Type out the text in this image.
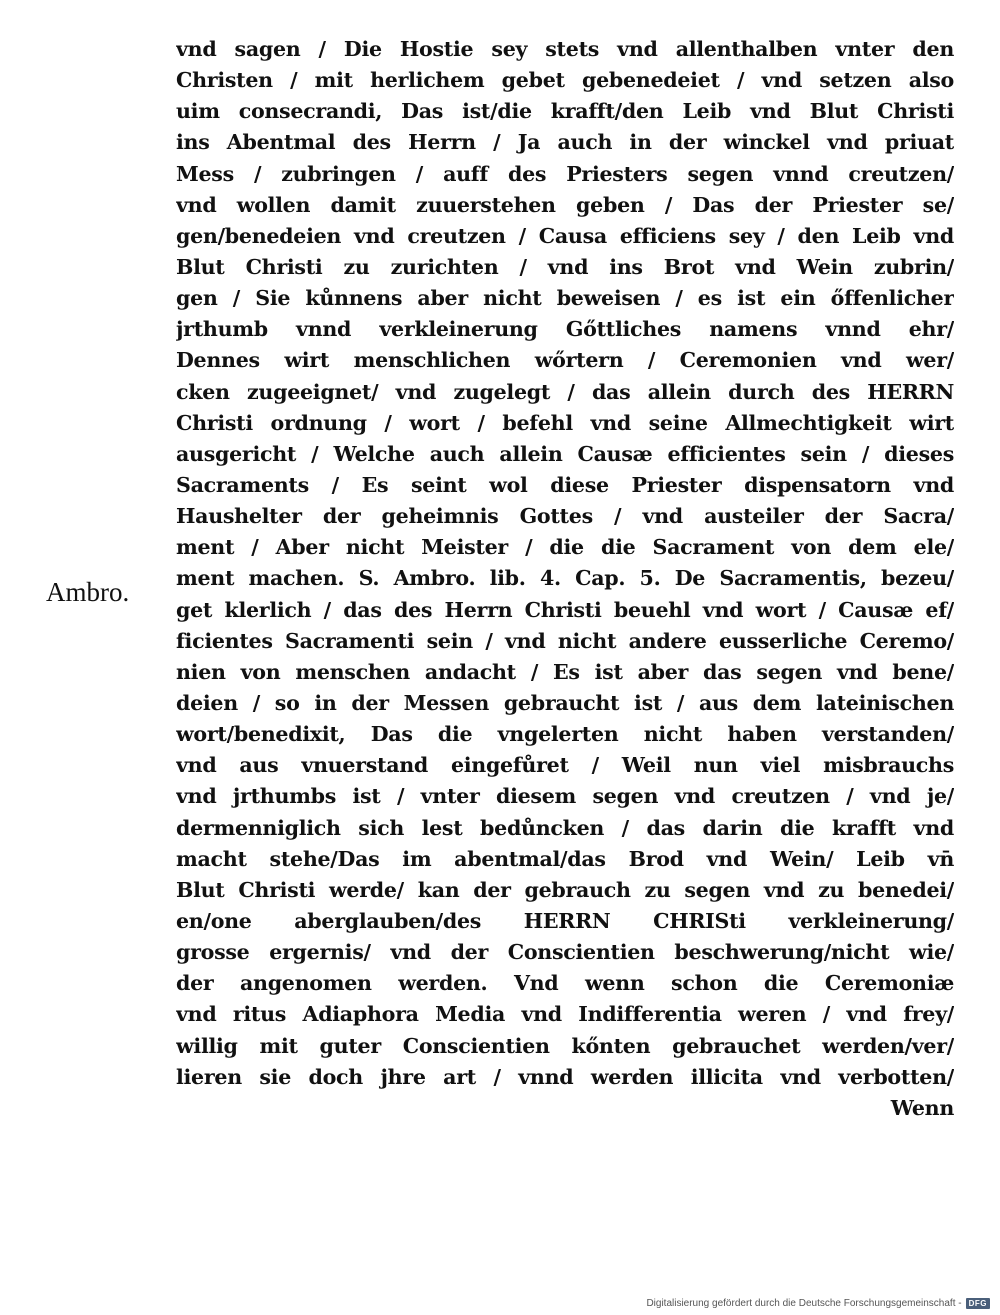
Ambro.
vnd sagen / Die Hostie sey stets vnd allenthalben vnter den
Christen / mit herlichem gebet gebenedeiet / vnd setzen also
uim consecrandi, Das ist/die krafft/den Leib vnd Blut Christi
ins Abentmal des Herrn / Ja auch in der winckel vnd priuat
Mess / zubringen / auff des Priesters segen vnnd creutzen/
vnd wollen damit zuuerstehen geben / Das der Priester se/
gen/benedeien vnd creutzen / Causa efficiens sey / den Leib vnd
Blut Christi zu zurichten / vnd ins Brot vnd Wein zubrin/
gen / Sie kůnnens aber nicht beweisen / es ist ein őffenlicher
jrthumb vnnd verkleinerung Gőttliches namens vnnd ehr/
Dennes wirt menschlichen wőrtern / Ceremonien vnd wer/
cken zugeeignet/ vnd zugelegt / das allein durch des HERRN
Christi ordnung / wort / befehl vnd seine Allmechtigkeit wirt
ausgericht / Welche auch allein Causæ efficientes sein / dieses
Sacraments / Es seint wol diese Priester dispensatorn vnd
Haushelter der geheimnis Gottes / vnd austeiler der Sacra/
ment / Aber nicht Meister / die die Sacrament von dem ele/
ment machen. S. Ambro. lib. 4. Cap. 5. De Sacramentis, bezeu/
get klerlich / das des Herrn Christi beuehl vnd wort / Causæ ef/
ficientes Sacramenti sein / vnd nicht andere eusserliche Ceremo/
nien von menschen andacht / Es ist aber das segen vnd bene/
deien / so in der Messen gebraucht ist / aus dem lateinischen
wort/benedixit, Das die vngelerten nicht haben verstanden/
vnd aus vnuerstand eingefůret / Weil nun viel misbrauchs
vnd jrthumbs ist / vnter diesem segen vnd creutzen / vnd je/
dermenniglich sich lest bedůncken / das darin die krafft vnd
macht stehe/Das im abentmal/das Brod vnd Wein/ Leib vn̄
Blut Christi werde/ kan der gebrauch zu segen vnd zu benedei/
en/one aberglauben/des HERRN CHRISti verkleinerung/
grosse ergernis/ vnd der Conscientien beschwerung/nicht wie/
der angenomen werden. Vnd wenn schon die Ceremoniæ
vnd ritus Adiaphora Media vnd Indifferentia weren / vnd frey/
willig mit guter Conscientien kőnten gebrauchet werden/ver/
lieren sie doch jhre art / vnnd werden illicita vnd verbotten/
Wenn
Digitalisierung gefördert durch die Deutsche Forschungsgemeinschaft - DFG
